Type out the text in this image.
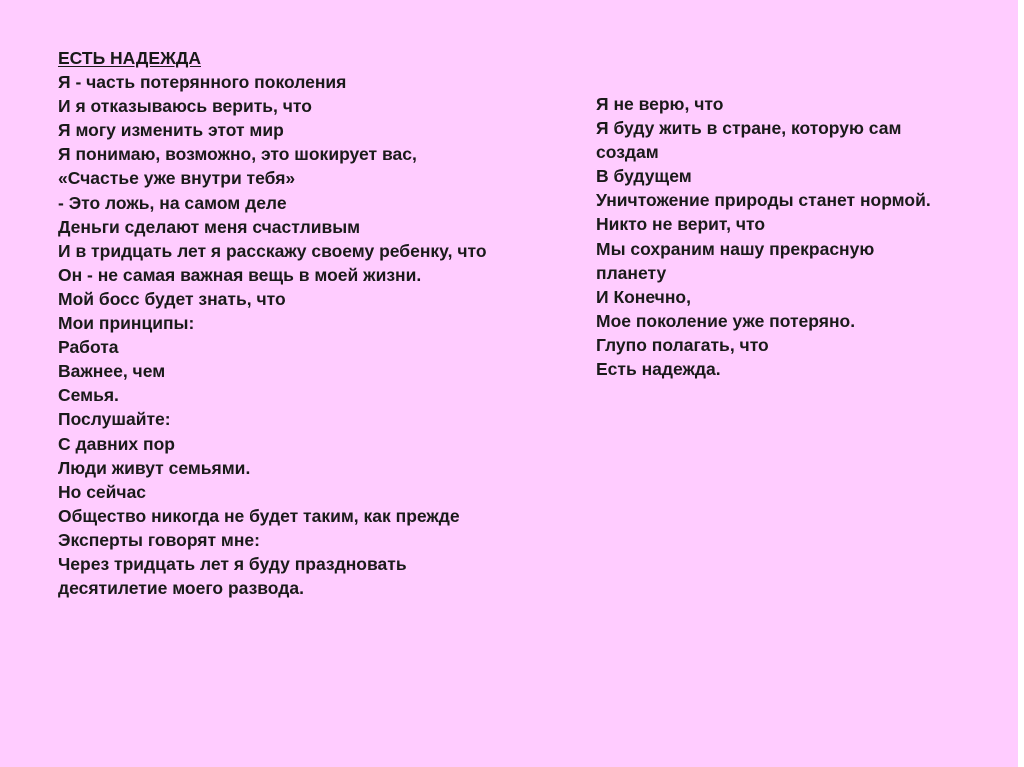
ЕСТЬ НАДЕЖДА
Я - часть потерянного поколения
И я отказываюсь верить, что
Я могу изменить этот мир
Я понимаю, возможно, это шокирует вас,
«Счастье уже внутри тебя»
- Это ложь, на самом деле
Деньги сделают меня счастливым
И в тридцать лет я расскажу своему ребенку, что
Он - не самая важная вещь в моей жизни.
Мой босс будет знать, что
Мои принципы:
Работа
Важнее, чем
Семья.
Послушайте:
С давних пор
Люди живут семьями.
Но сейчас
Общество никогда не будет таким, как прежде
Эксперты говорят мне:
Через тридцать лет я буду праздновать
десятилетие моего развода.
Я не верю, что
Я буду жить в стране, которую сам
создам
В будущем
Уничтожение природы станет нормой.
Никто не верит, что
Мы сохраним нашу прекрасную
планету
И Конечно,
Мое поколение уже потеряно.
Глупо полагать, что
Есть надежда.
